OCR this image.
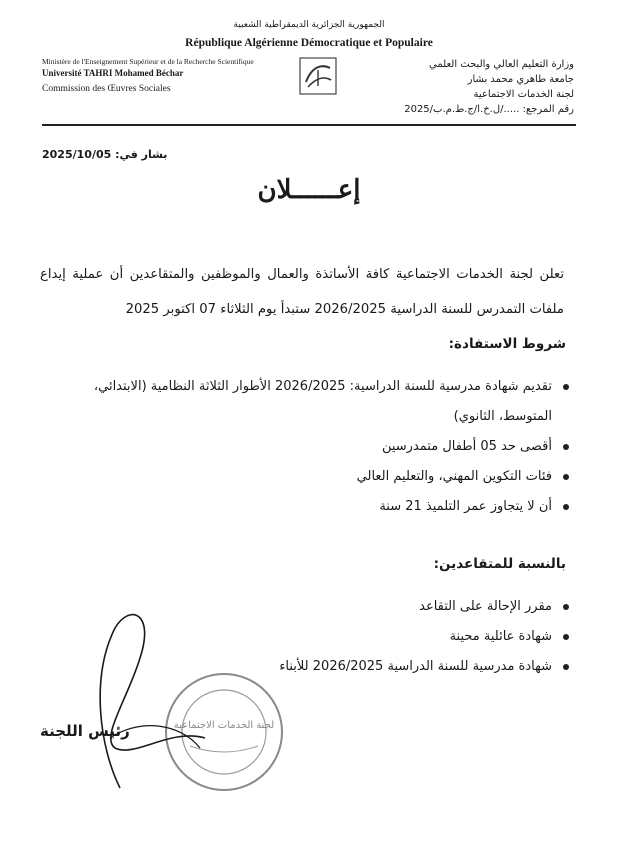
الجمهورية الجزائرية الديمقراطية الشعبية
République Algérienne Démocratique et Populaire
Ministère de l'Enseignement Supérieur et de la Recherche Scientifique
Université TAHRI Mohamed Béchar
Commission des Œuvres Sociales
وزارة التعليم العالي والبحث العلمي
جامعة طاهري محمد بشار
لجنة الخدمات الاجتماعية
رقم المرجع: ...../ل.خ.ا/ج.ط.م.ب/2025
بشار في: 2025/10/05
إعــــــلان
تعلن لجنة الخدمات الاجتماعية كافة الأساتذة والعمال والموظفين والمتقاعدين أن عملية إيداع ملفات التمدرس للسنة الدراسية 2026/2025 ستبدأ يوم الثلاثاء 07 اكتوبر 2025
شروط الاستفادة:
تقديم شهادة مدرسية للسنة الدراسية: 2026/2025 الأطوار الثلاثة النظامية (الابتدائي، المتوسط، الثانوي)
أقصى حد 05 أطفال متمدرسين
فئات التكوين المهني، والتعليم العالي
أن لا يتجاوز عمر التلميذ 21 سنة
بالنسبة للمتقاعدين:
مقرر الإحالة على التقاعد
شهادة عائلية محينة
شهادة مدرسية للسنة الدراسية 2026/2025 للأبناء
لجنة الخدمات الاجتماعية
رئيس اللجنة
